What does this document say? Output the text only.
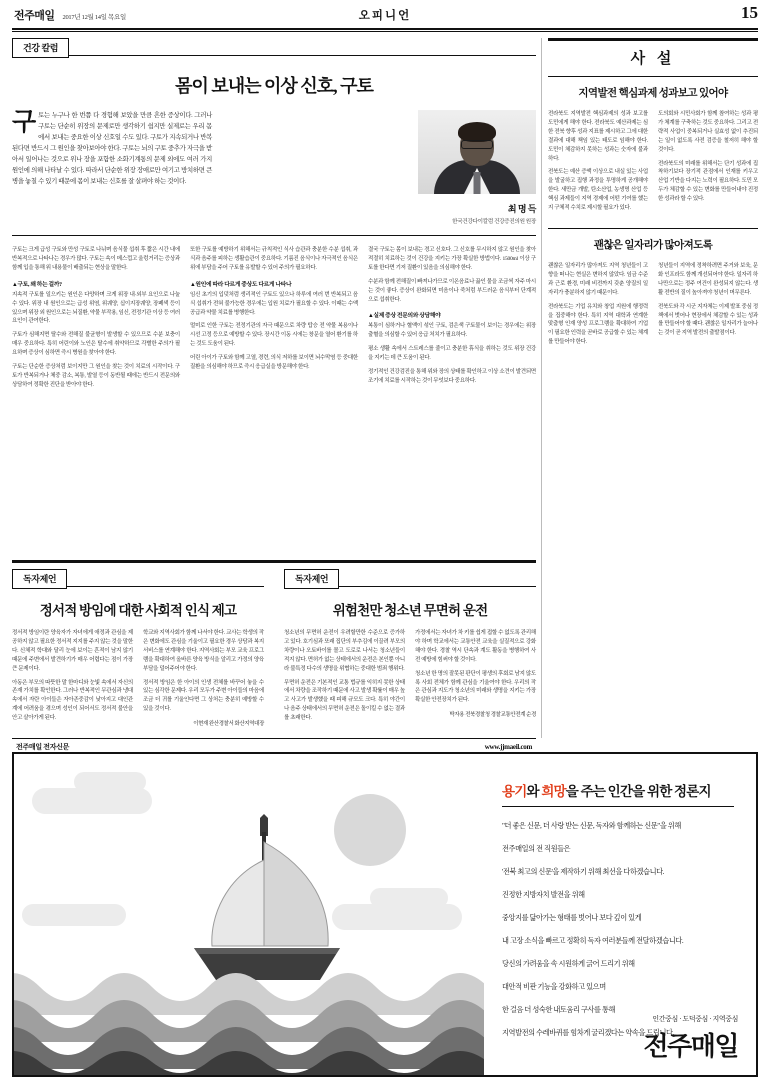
전주매일 2017년 12월 14일 목요일	오피니언	15
건강 칼럼
몸이 보내는 이상 신호, 구토
구 토는 누구나 한 번쯤 다 경험해 보았을 만큼 흔한 증상이다. 그러나 구토는 단순히 위장의 문제로만 생각하기 쉽지만 실제로는 우리 몸에서 보내는 중요한 이상 신호일 수도 있다. 구토가 지속되거나 반복된다면 반드시 그 원인을 찾아보아야 한다. 구토는 뇌의 구토 중추가 자극을 받아서 일어나는 것으로 위나 장을 포함한 소화기계통의 문제 외에도 여러 가지 원인에 의해 나타날 수 있다. 따라서 단순한 위장 장애로만 여기고 방치하면 큰 병을 놓칠 수 있기 때문에 몸이 보내는 신호를 잘 살펴야 하는 것이다.
최 명 득
한국건강다이칼럼 건강증진의원 원장
구토는 크게 급성 구토와 만성 구토로 나뉘며 음식물 섭취 후 짧은 시간 내에 반복적으로 나타나는 경우가 많다. 구토는 속이 메스껍고 울렁거리는 증상과 함께 입을 통해 위 내용물이 배출되는 현상을 말한다.
▲구토, 왜 하는 걸까?
지속적 구토를 일으키는 원인은 다양하며 크게 위장 내·외부 요인으로 나눌 수 있다. 위장 내 원인으로는 급성 위염, 위궤양, 십이지장궤양, 장폐색 등이 있으며 위장 외 원인으로는 뇌질환, 약물 부작용, 임신, 전정기관 이상 등 여러 요인이 관여한다.
구토가 심해지면 탈수와 전해질 불균형이 발생할 수 있으므로 수분 보충이 매우 중요하다. 특히 어린이와 노인은 탈수에 취약하므로 각별한 주의가 필요하며 증상이 심하면 즉시 병원을 찾아야 한다.
구토는 단순한 증상처럼 보이지만 그 원인을 찾는 것이 치료의 시작이다. 구토가 반복되거나 체중 감소, 복통, 발열 등이 동반될 때에는 반드시 전문의와 상담하여 정확한 진단을 받아야 한다.
또한 구토를 예방하기 위해서는 규칙적인 식사 습관과 충분한 수분 섭취, 과식과 음주를 피하는 생활습관이 중요하다. 기름진 음식이나 자극적인 음식은 위에 부담을 주어 구토를 유발할 수 있어 주의가 필요하다.
▲원인에 따라 다르게 중상도 다르게 나타나
임신 초기의 입덧처럼 생리적인 구토도 있으나 하루에 여러 번 반복되고 음식 섭취가 전혀 불가능한 경우에는 입원 치료가 필요할 수 있다. 이때는 수액 공급과 약물 치료를 병행한다.
멀미로 인한 구토는 전정기관의 자극 때문으로 차량 탑승 전 약물 복용이나 시선 고정 등으로 예방할 수 있다. 장시간 이동 시에는 창문을 열어 환기를 하는 것도 도움이 된다.
어린 아이가 구토와 함께 고열, 경련, 의식 저하를 보이면 뇌수막염 등 중대한 질환을 의심해야 하므로 즉시 응급실을 방문해야 한다.
결국 구토는 몸이 보내는 경고 신호다. 그 신호를 무시하지 않고 원인을 찾아 적절히 치료하는 것이 건강을 지키는 가장 확실한 방법이다. 1500ml 이상 구토를 한다면 기저 질환이 있음을 의심해야 한다.
수분과 함께 전해질이 빠져나가므로 이온음료나 끓인 물을 조금씩 자주 마시는 것이 좋다. 증상이 완화되면 미음이나 죽처럼 부드러운 음식부터 단계적으로 섭취한다.
▲실제 증상 전문의와 상담해야
복통이 심하거나 혈액이 섞인 구토, 검은색 구토물이 보이는 경우에는 위장 출혈을 의심할 수 있어 응급 처치가 필요하다.
평소 생활 속에서 스트레스를 줄이고 충분한 휴식을 취하는 것도 위장 건강을 지키는 데 큰 도움이 된다.
정기적인 건강검진을 통해 위와 장의 상태를 확인하고 이상 소견이 발견되면 조기에 치료를 시작하는 것이 무엇보다 중요하다.
사 설
지역발전 핵심과제 성과보고 있어야
전라북도 지역발전 핵심과제의 성과 보고를 도민에게 해야 한다. 전라북도 예산과제는 심한 전북 향후 성과 지표를 제시하고 그에 대한 결과에 대해 책임 있는 태도로 임해야 한다. 도민이 체감하지 못하는 성과는 숫자에 불과하다.
전북도는 예산 증액 이상으로 내실 있는 사업을 발굴하고 집행 과정을 투명하게 공개해야 한다. 새만금 개발, 탄소산업, 농생명 산업 등 핵심 과제들이 지역 경제에 어떤 기여를 했는지 구체적 수치로 제시할 필요가 있다.
도의회와 시민사회가 함께 참여하는 성과 평가 체계를 구축하는 것도 중요하다. 그리고 전략적 사업이 중복되거나 실효성 없이 추진되는 일이 없도록 사전 검증을 철저히 해야 할 것이다.
전라북도의 미래를 위해서는 단기 성과에 집착하기보다 장기적 관점에서 인재를 키우고 산업 기반을 다지는 노력이 필요하다. 도민 모두가 체감할 수 있는 변화를 만들어내야 진정한 성과라 할 수 있다.
괜찮은 일자리가 많아져도록
괜찮은 일자리가 많아져도 지역 청년들이 고향을 떠나는 현실은 변하지 않았다. 임금 수준과 근로 환경, 미래 비전까지 갖춘 양질의 일자리가 충분하지 않기 때문이다.
전라북도는 기업 유치와 창업 지원에 행정력을 집중해야 한다. 특히 지역 대학과 연계한 맞춤형 인재 양성 프로그램을 확대하여 기업이 필요한 인력을 곧바로 공급할 수 있는 체계를 만들어야 한다.
청년들이 지역에 정착하려면 주거와 보육, 문화 인프라도 함께 개선되어야 한다. 일자리 하나만으로는 정주 여건이 완성되지 않는다. 생활 전반의 질이 높아져야 청년이 머무른다.
전북도와 각 시군 지자체는 이제 발표 중심 정책에서 벗어나 현장에서 체감할 수 있는 성과를 만들어야 할 때다. 괜찮은 일자리가 늘어나는 것이 곧 지역 발전의 출발점이다.
독자제언
정서적 방임에 대한 사회적 인식 제고
정서적 방임이란 양육자가 자녀에게 애정과 관심을 제공하지 않고 필요한 정서적 지지를 주지 않는 것을 말한다. 신체적 학대와 달리 눈에 보이는 흔적이 남지 않기 때문에 주변에서 발견하기가 매우 어렵다는 점이 가장 큰 문제이다.
아동은 부모의 따뜻한 말 한마디와 눈빛 속에서 자신의 존재 가치를 확인한다. 그러나 반복적인 무관심과 냉대 속에서 자란 아이들은 자아존중감이 낮아지고 대인관계에 어려움을 겪으며 성인이 되어서도 정서적 불안을 안고 살아가게 된다.
학교와 지역사회가 함께 나서야 한다. 교사는 학생의 작은 변화에도 관심을 기울이고 필요한 경우 상담과 복지 서비스를 연계해야 한다. 지역사회는 부모 교육 프로그램을 확대하여 올바른 양육 방식을 알리고 가정의 양육 부담을 덜어주어야 한다.
정서적 방임은 한 아이의 인생 전체를 바꾸어 놓을 수 있는 심각한 문제다. 우리 모두가 주변 아이들의 마음에 조금 더 귀를 기울인다면 그 상처는 충분히 예방할 수 있을 것이다.
이현재 완산경찰서 화산지역대장
독자제언
위험천만 청소년 무면허 운전
청소년의 무면허 운전이 우려할만한 수준으로 증가하고 있다. 호기심과 또래 집단의 부추김에 이끌려 부모의 차량이나 오토바이를 몰고 도로로 나서는 청소년들이 적지 않다. 면허가 없는 상태에서의 운전은 본인뿐 아니라 불특정 다수의 생명을 위협하는 중대한 범죄 행위다.
무면허 운전은 기본적인 교통 법규를 익히지 못한 상태에서 차량을 조작하기 때문에 사고 발생 확률이 매우 높고 사고가 발생했을 때 피해 규모도 크다. 특히 야간이나 음주 상태에서의 무면허 운전은 돌이킬 수 없는 결과를 초래한다.
가정에서는 자녀가 차 키를 쉽게 접할 수 없도록 관리해야 하며 학교에서는 교통안전 교육을 실질적으로 강화해야 한다. 경찰 역시 단속과 계도 활동을 병행하여 사전 예방에 힘써야 할 것이다.
청소년 한 명의 잘못된 판단이 평생의 후회로 남지 않도록 사회 전체가 함께 관심을 기울여야 한다. 우리의 작은 관심과 지도가 청소년의 미래와 생명을 지키는 가장 확실한 안전장치가 된다.
박자용 전북경찰청 경찰교통안전계 순경
전주매일 전자신문	www.jjmaeil.com
용기와 희망을 주는 인간을 위한 정론지
"더 좋은 신문, 더 사랑 받는 신문, 독자와 함께하는 신문"을 위해
전주매일의 전 직원들은
'전북 최고의 신문'을 제작하기 위해 최선을 다하겠습니다.
진정한 지방자치 발전을 위해
중앙지를 닮아가는 형태를 벗어나 보다 깊이 있게
내 고장 소식을 빠르고 정확히 독자 여러분들께 전달하겠습니다.
당신의 가려움을 속 시원하게 긁어 드리기 위해
대안적 비판 기능을 강화하고 있으며
한 걸음 더 성숙한 내토움리 구사를 통해
지역발전의 수레바퀴를 힘차게 굴리겠다는 약속을 드립니다.
인간중심 · 도덕중심 · 지역중심
전주매일
